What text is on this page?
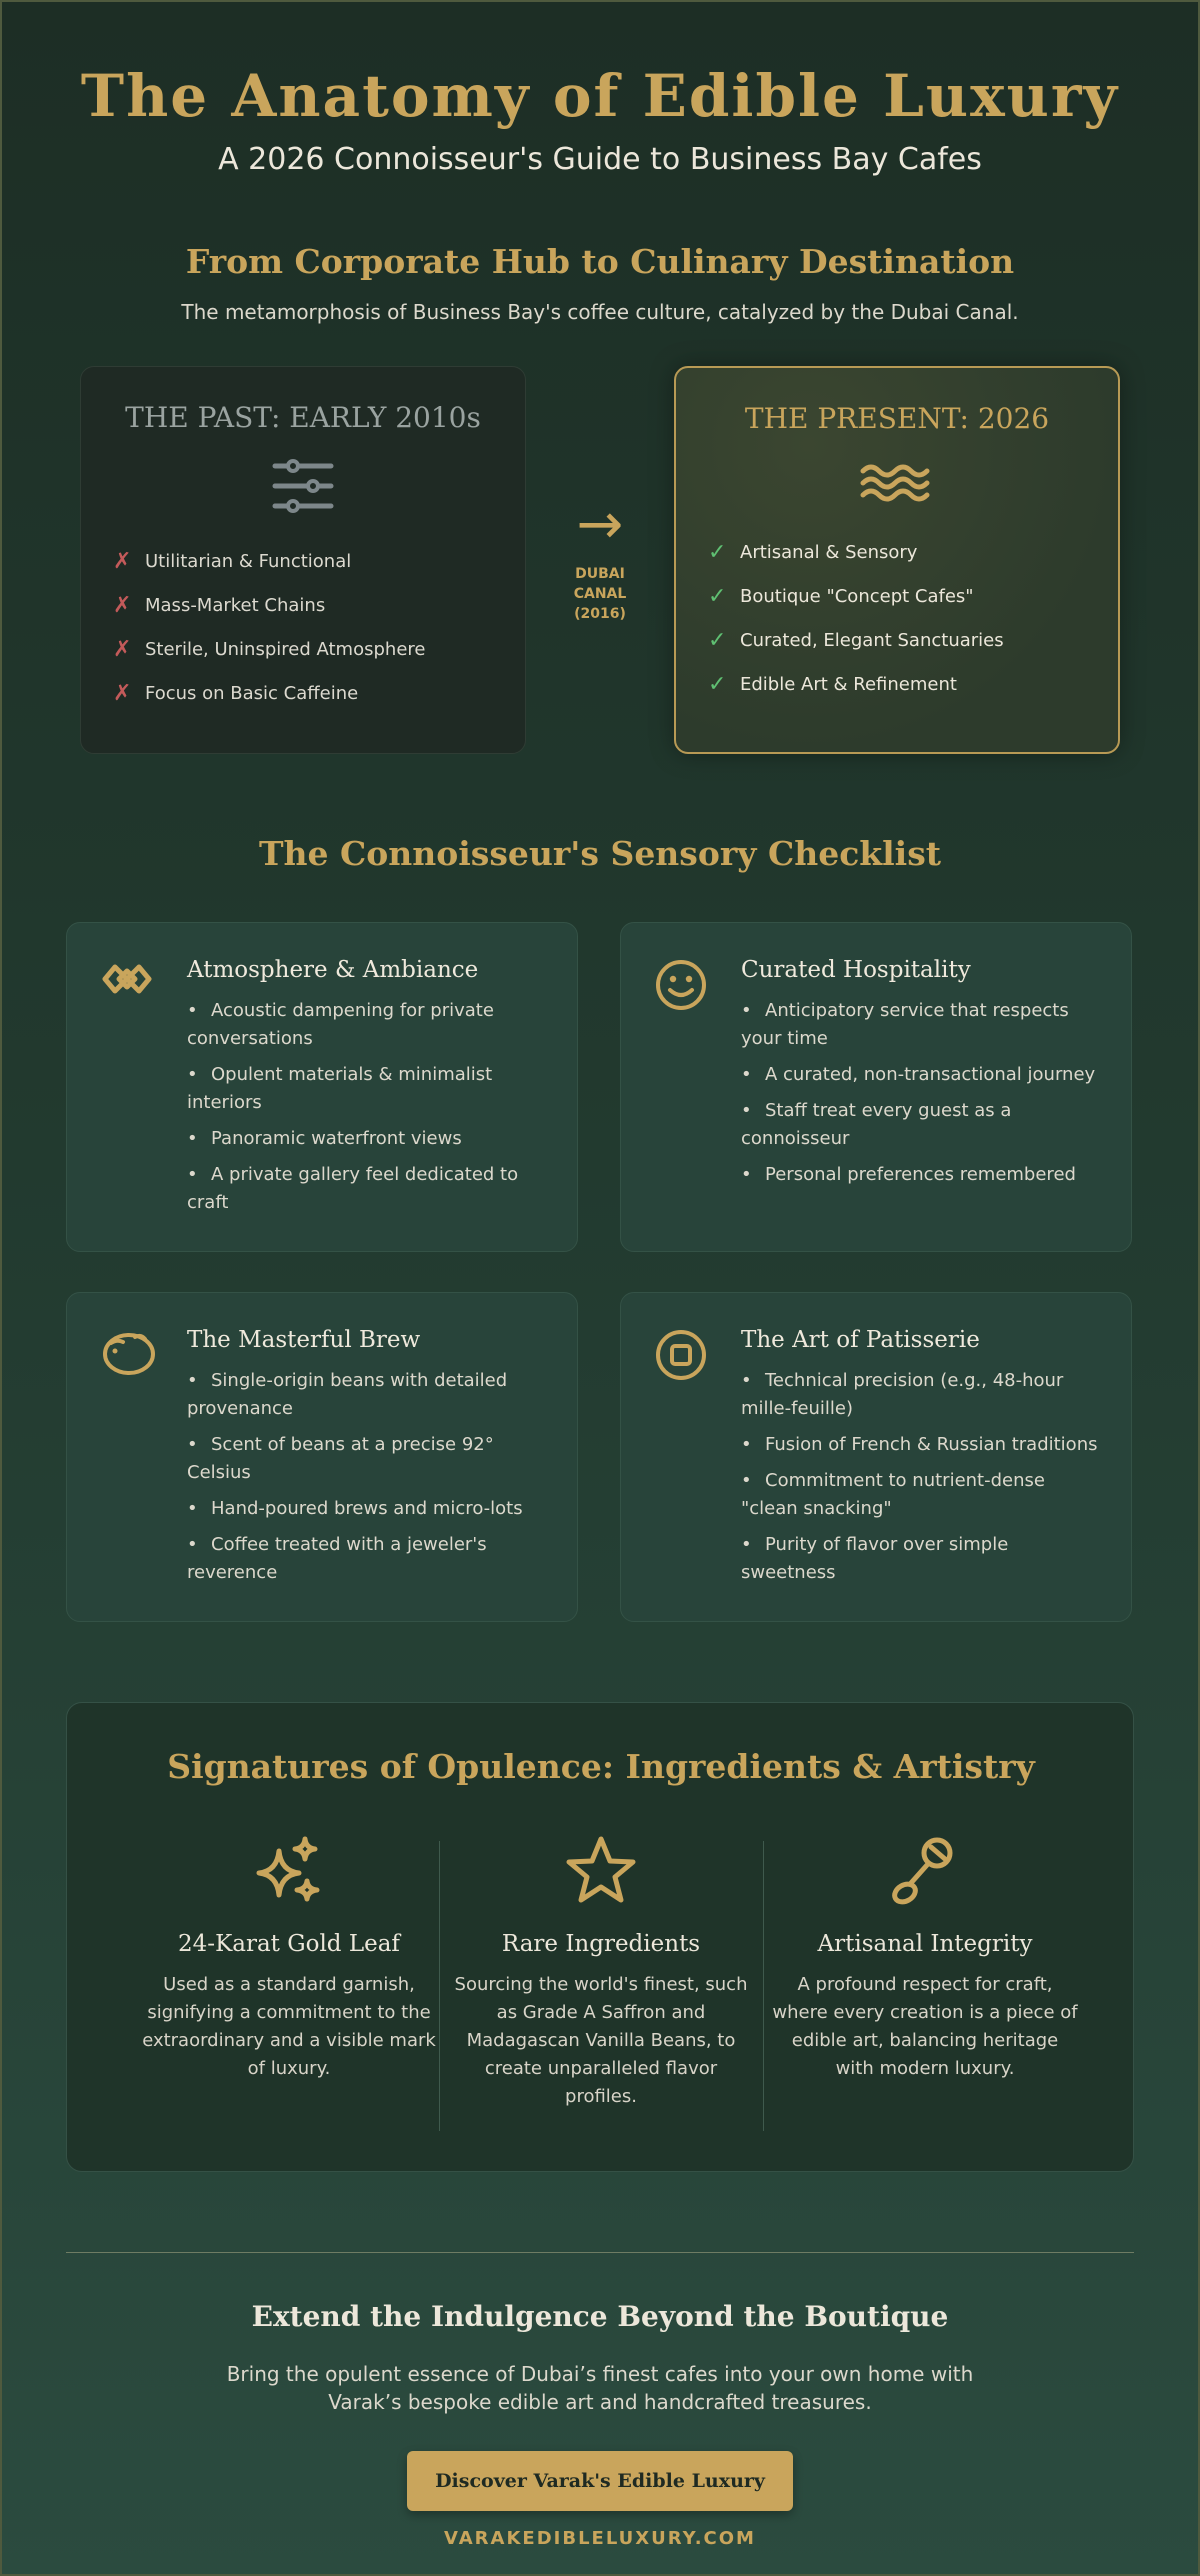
The Anatomy of Edible Luxury
A 2026 Connoisseur's Guide to Business Bay Cafes
From Corporate Hub to Culinary Destination
The metamorphosis of Business Bay's coffee culture, catalyzed by the Dubai Canal.
THE PAST: EARLY 2010s
✗ Utilitarian & Functional
✗ Mass-Market Chains
✗ Sterile, Uninspired Atmosphere
✗ Focus on Basic Caffeine
→
DUBAI
CANAL
(2016)
THE PRESENT: 2026
✓ Artisanal & Sensory
✓ Boutique "Concept Cafes"
✓ Curated, Elegant Sanctuaries
✓ Edible Art & Refinement
The Connoisseur's Sensory Checklist
Atmosphere & Ambiance
• Acoustic dampening for private conversations
• Opulent materials & minimalist interiors
• Panoramic waterfront views
• A private gallery feel dedicated to craft
Curated Hospitality
• Anticipatory service that respects your time
• A curated, non-transactional journey
• Staff treat every guest as a connoisseur
• Personal preferences remembered
The Masterful Brew
• Single-origin beans with detailed provenance
• Scent of beans at a precise 92° Celsius
• Hand-poured brews and micro-lots
• Coffee treated with a jeweler's reverence
The Art of Patisserie
• Technical precision (e.g., 48-hour mille-feuille)
• Fusion of French & Russian traditions
• Commitment to nutrient-dense "clean snacking"
• Purity of flavor over simple sweetness
Signatures of Opulence: Ingredients & Artistry
24-Karat Gold Leaf

Used as a standard garnish, signifying a commitment to the extraordinary and a visible mark of luxury.

Rare Ingredients

Sourcing the world's finest, such as Grade A Saffron and Madagascan Vanilla Beans, to create unparalleled flavor profiles.

Artisanal Integrity

A profound respect for craft, where every creation is a piece of edible art, balancing heritage with modern luxury.

Extend the Indulgence Beyond the Boutique

Bring the opulent essence of Dubai’s finest cafes into your own home with Varak’s bespoke edible art and handcrafted treasures.

Discover Varak's Edible Luxury
VARAKEDIBLELUXURY.COM
